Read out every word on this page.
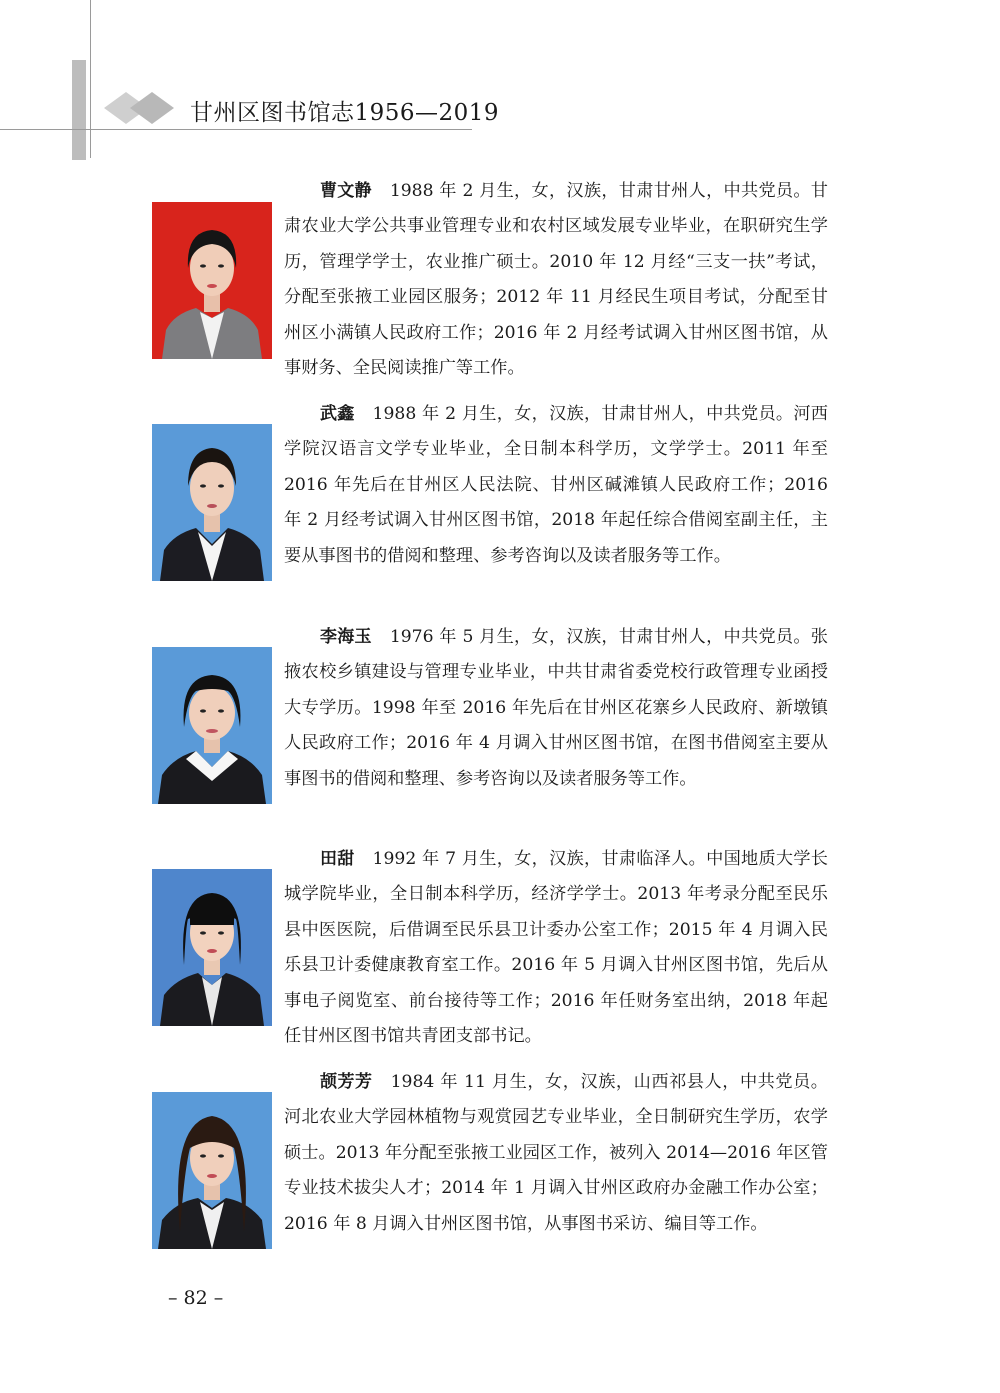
甘州区图书馆志1956—2019
曹文静 1988 年 2 月生，女，汉族，甘肃甘州人，中共党员。甘肃农业大学公共事业管理专业和农村区域发展专业毕业，在职研究生学历，管理学学士，农业推广硕士。2010 年 12 月经“三支一扶”考试，分配至张掖工业园区服务；2012 年 11 月经民生项目考试，分配至甘州区小满镇人民政府工作；2016 年 2 月经考试调入甘州区图书馆，从事财务、全民阅读推广等工作。
武鑫 1988 年 2 月生，女，汉族，甘肃甘州人，中共党员。河西学院汉语言文学专业毕业，全日制本科学历，文学学士。2011 年至 2016 年先后在甘州区人民法院、甘州区碱滩镇人民政府工作；2016 年 2 月经考试调入甘州区图书馆，2018 年起任综合借阅室副主任，主要从事图书的借阅和整理、参考咨询以及读者服务等工作。
李海玉 1976 年 5 月生，女，汉族，甘肃甘州人，中共党员。张掖农校乡镇建设与管理专业毕业，中共甘肃省委党校行政管理专业函授大专学历。1998 年至 2016 年先后在甘州区花寨乡人民政府、新墩镇人民政府工作；2016 年 4 月调入甘州区图书馆，在图书借阅室主要从事图书的借阅和整理、参考咨询以及读者服务等工作。
田甜 1992 年 7 月生，女，汉族，甘肃临泽人。中国地质大学长城学院毕业，全日制本科学历，经济学学士。2013 年考录分配至民乐县中医医院，后借调至民乐县卫计委办公室工作；2015 年 4 月调入民乐县卫计委健康教育室工作。2016 年 5 月调入甘州区图书馆，先后从事电子阅览室、前台接待等工作；2016 年任财务室出纳，2018 年起任甘州区图书馆共青团支部书记。
颉芳芳 1984 年 11 月生，女，汉族，山西祁县人，中共党员。河北农业大学园林植物与观赏园艺专业毕业，全日制研究生学历，农学硕士。2013 年分配至张掖工业园区工作，被列入 2014—2016 年区管专业技术拔尖人才；2014 年 1 月调入甘州区政府办金融工作办公室；2016 年 8 月调入甘州区图书馆，从事图书采访、编目等工作。
– 82 –
